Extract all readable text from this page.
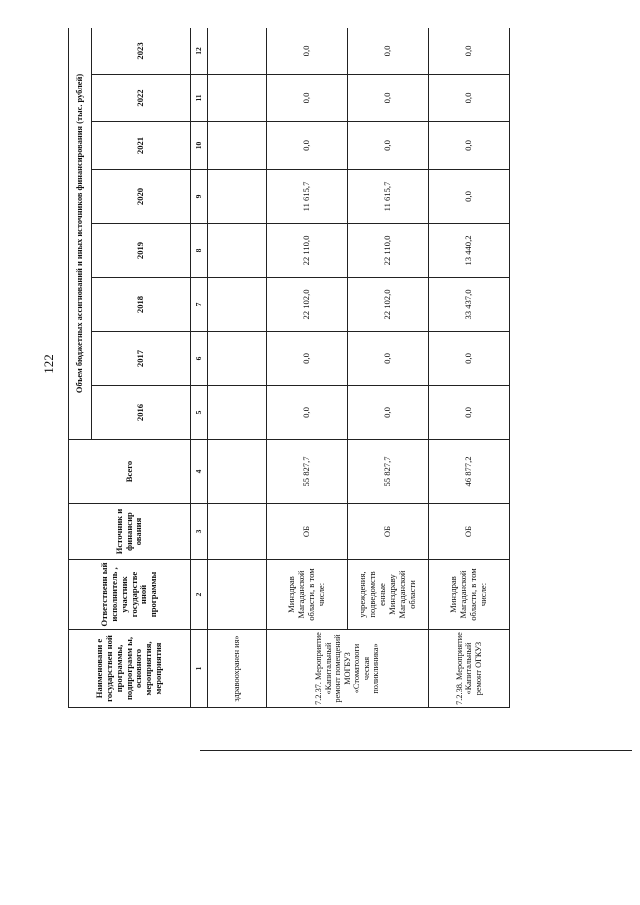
122
Наименовани е государствен ной программы, подпрограмм ы, основного мероприятия, мероприятия	Ответственн ый исполнитель , участник государстве нной программы	Источник и финансир ования	Всего	Объем бюджетных ассигнований и иных источников финансирования (тыс. рублей)							
				2016	2017	2018	2019	2020	2021	2022	2023
1	2	3	4	5	6	7	8	9	10	11	12
здравоохранен ия»											
7.2.37. Мероприятие «Капитальный ремонт помещений МОГБУЗ «Стоматологи ческая поликлиника»	Минздрав Магаданской области, в том числе:	ОБ	55 827,7	0,0	0,0	22 102,0	22 110,0	11 615,7	0,0	0,0	0,0
	учреждения, подведомств енные Минздраву Магаданской области	ОБ	55 827,7	0,0	0,0	22 102,0	22 110,0	11 615,7	0,0	0,0	0,0
7.2.38. Мероприятие «Капитальный ремонт ОГКУЗ	Минздрав Магаданской области, в том числе:	ОБ	46 877,2	0,0	0,0	33 437,0	13 440,2	0,0	0,0	0,0	0,0
